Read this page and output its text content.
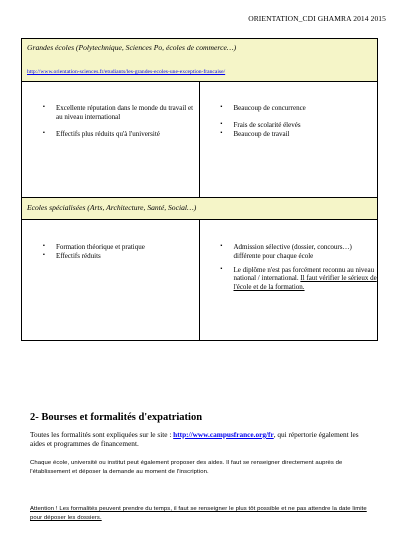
ORIENTATION_CDI GHAMRA 2014 2015
Grandes écoles (Polytechnique, Sciences Po, écoles de commerce…)
http://www.orientation-sciences.fr/etudiants/les-grandes-ecoles-une-exception-francaise/
▪ Excellente réputation dans le monde du travail et au niveau international
▪ Effectifs plus réduits qu'à l'université
▪ Beaucoup de concurrence
▪ Frais de scolarité élevés
▪ Beaucoup de travail
Ecoles spécialisées (Arts, Architecture, Santé, Social…)
▪ Formation théorique et pratique
▪ Effectifs réduits
▪ Admission sélective (dossier, concours…) différente pour chaque école
▪ Le diplôme n'est pas forcément reconnu au niveau national / international. Il faut vérifier le sérieux de l'école et de la formation.
2- Bourses et formalités d'expatriation
Toutes les formalités sont expliquées sur le site : http://www.campusfrance.org/fr, qui répertorie également les aides et programmes de financement.
Chaque école, université ou institut peut également proposer des aides. Il faut se renseigner directement auprès de l'établissement et déposer la demande au moment de l'inscription.
Attention ! Les formalités peuvent prendre du temps, il faut se renseigner le plus tôt possible et ne pas attendre la date limite pour déposer les dossiers.
